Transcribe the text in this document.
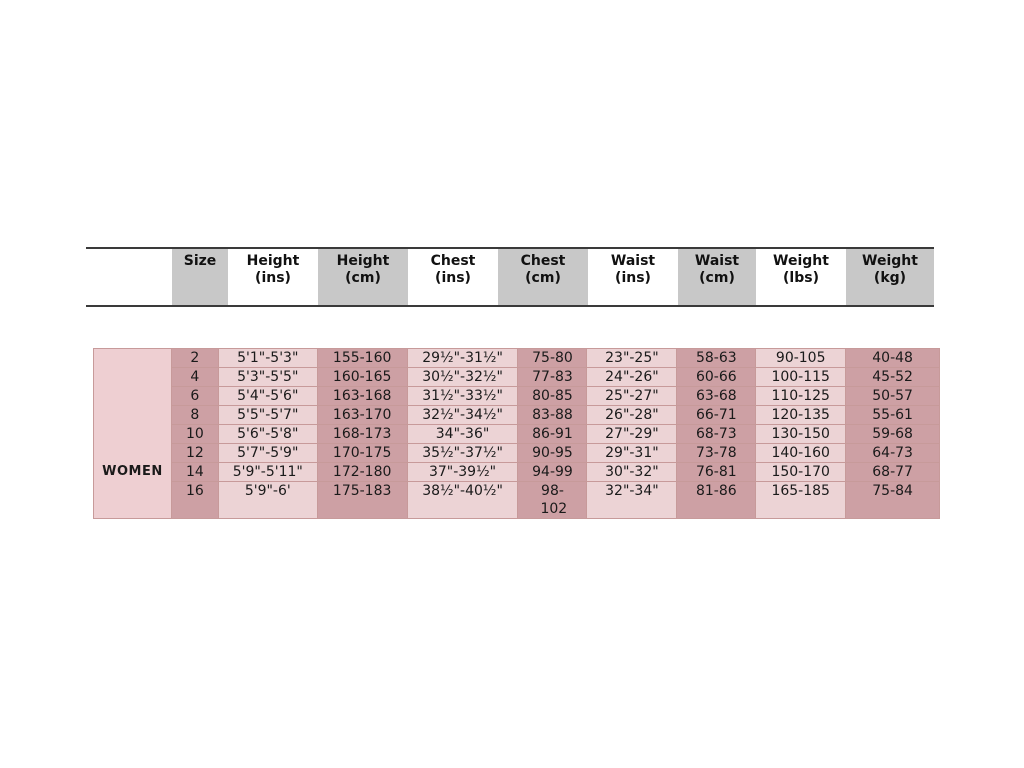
Size	Height
(ins)
Height
(cm)
Chest
(ins)
Chest
(cm)
Waist
(ins)
Waist
(cm)
Weight
(lbs)
Weight
(kg)
WOMEN
2
4
6
8
10
12
14
16
5'1"-5'3"
5'3"-5'5"
5'4"-5'6"
5'5"-5'7"
5'6"-5'8"
5'7"-5'9"
5'9"-5'11"
5'9"-6'
155-160
160-165
163-168
163-170
168-173
170-175
172-180
175-183
29½"-31½"
30½"-32½"
31½"-33½"
32½"-34½"
34"-36"
35½"-37½"
37"-39½"
38½"-40½"
75-80
77-83
80-85
83-88
86-91
90-95
94-99
98-102
23"-25"
24"-26"
25"-27"
26"-28"
27"-29"
29"-31"
30"-32"
32"-34"
58-63
60-66
63-68
66-71
68-73
73-78
76-81
81-86
90-105
100-115
110-125
120-135
130-150
140-160
150-170
165-185
40-48
45-52
50-57
55-61
59-68
64-73
68-77
75-84
